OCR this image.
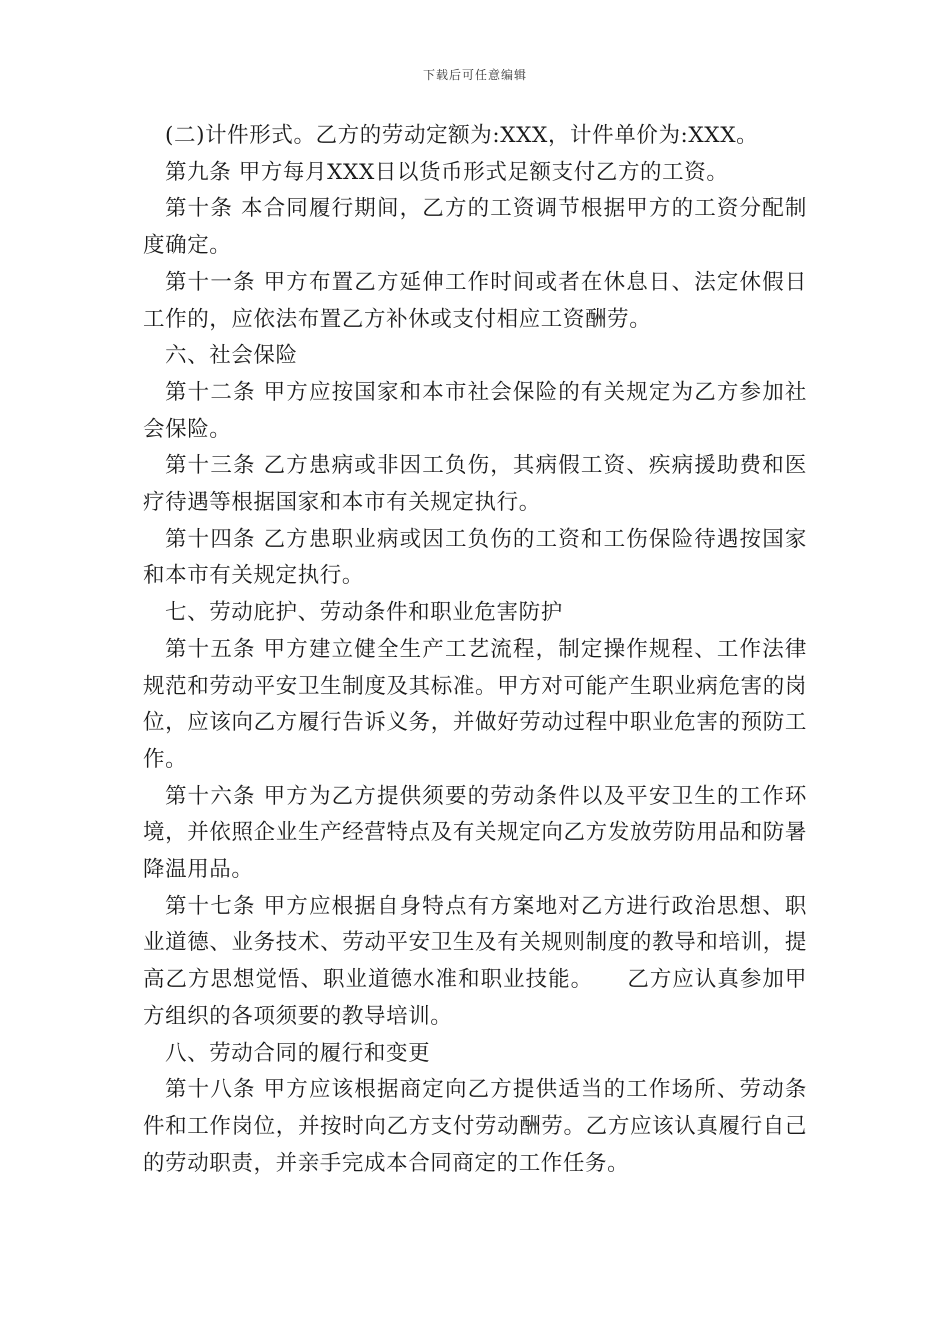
下载后可任意编辑

(二)计件形式。乙方的劳动定额为:XXX，计件单价为:XXX。

第九条 甲方每月XXX日以货币形式足额支付乙方的工资。

第十条 本合同履行期间，乙方的工资调节根据甲方的工资分配制度确定。

第十一条 甲方布置乙方延伸工作时间或者在休息日、法定休假日工作的，应依法布置乙方补休或支付相应工资酬劳。

六、社会保险

第十二条 甲方应按国家和本市社会保险的有关规定为乙方参加社会保险。

第十三条 乙方患病或非因工负伤，其病假工资、疾病援助费和医疗待遇等根据国家和本市有关规定执行。

第十四条 乙方患职业病或因工负伤的工资和工伤保险待遇按国家和本市有关规定执行。

七、劳动庇护、劳动条件和职业危害防护

第十五条 甲方建立健全生产工艺流程，制定操作规程、工作法律规范和劳动平安卫生制度及其标准。甲方对可能产生职业病危害的岗位，应该向乙方履行告诉义务，并做好劳动过程中职业危害的预防工作。

第十六条 甲方为乙方提供须要的劳动条件以及平安卫生的工作环境，并依照企业生产经营特点及有关规定向乙方发放劳防用品和防暑降温用品。

第十七条 甲方应根据自身特点有方案地对乙方进行政治思想、职业道德、业务技术、劳动平安卫生及有关规则制度的教导和培训，提高乙方思想觉悟、职业道德水准和职业技能。　　乙方应认真参加甲方组织的各项须要的教导培训。

八、劳动合同的履行和变更

第十八条 甲方应该根据商定向乙方提供适当的工作场所、劳动条件和工作岗位，并按时向乙方支付劳动酬劳。乙方应该认真履行自己的劳动职责，并亲手完成本合同商定的工作任务。
